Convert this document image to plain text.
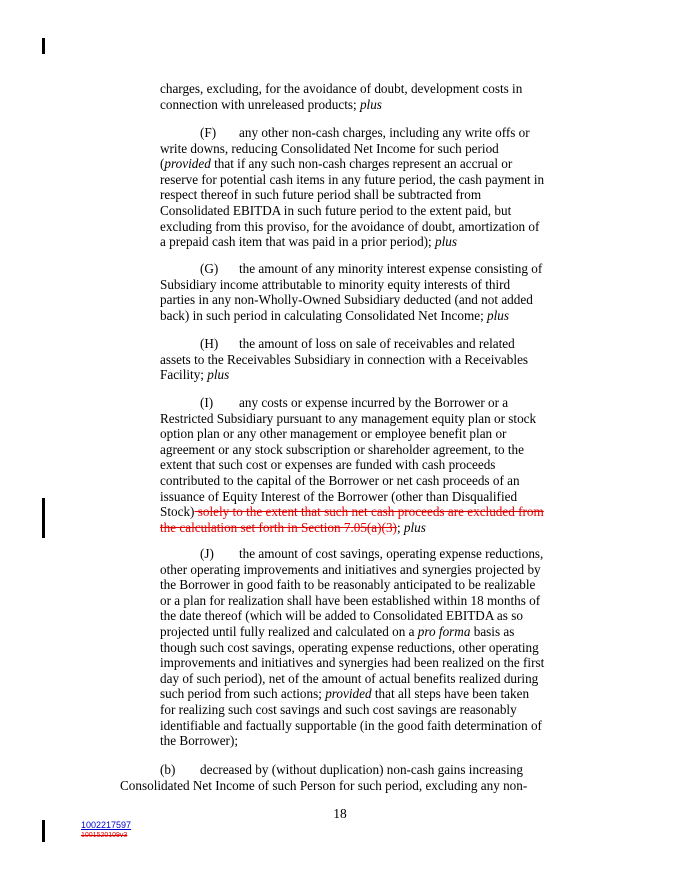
charges, excluding, for the avoidance of doubt, development costs in
connection with unreleased products; plus

(F) any other non-cash charges, including any write offs or
write downs, reducing Consolidated Net Income for such period
(provided that if any such non-cash charges represent an accrual or
reserve for potential cash items in any future period, the cash payment in
respect thereof in such future period shall be subtracted from
Consolidated EBITDA in such future period to the extent paid, but
excluding from this proviso, for the avoidance of doubt, amortization of
a prepaid cash item that was paid in a prior period); plus

(G) the amount of any minority interest expense consisting of
Subsidiary income attributable to minority equity interests of third
parties in any non-Wholly-Owned Subsidiary deducted (and not added
back) in such period in calculating Consolidated Net Income; plus

(H) the amount of loss on sale of receivables and related
assets to the Receivables Subsidiary in connection with a Receivables
Facility; plus

(I) any costs or expense incurred by the Borrower or a
Restricted Subsidiary pursuant to any management equity plan or stock
option plan or any other management or employee benefit plan or
agreement or any stock subscription or shareholder agreement, to the
extent that such cost or expenses are funded with cash proceeds
contributed to the capital of the Borrower or net cash proceeds of an
issuance of Equity Interest of the Borrower (other than Disqualified
Stock) solely to the extent that such net cash proceeds are excluded from
the calculation set forth in Section 7.05(a)(3); plus

(J) the amount of cost savings, operating expense reductions,
other operating improvements and initiatives and synergies projected by
the Borrower in good faith to be reasonably anticipated to be realizable
or a plan for realization shall have been established within 18 months of
the date thereof (which will be added to Consolidated EBITDA as so
projected until fully realized and calculated on a pro forma basis as
though such cost savings, operating expense reductions, other operating
improvements and initiatives and synergies had been realized on the first
day of such period), net of the amount of actual benefits realized during
such period from such actions; provided that all steps have been taken
for realizing such cost savings and such cost savings are reasonably
identifiable and factually supportable (in the good faith determination of
the Borrower);

(b) decreased by (without duplication) non-cash gains increasing
Consolidated Net Income of such Person for such period, excluding any non-

18
1002217597
1001520109v3
